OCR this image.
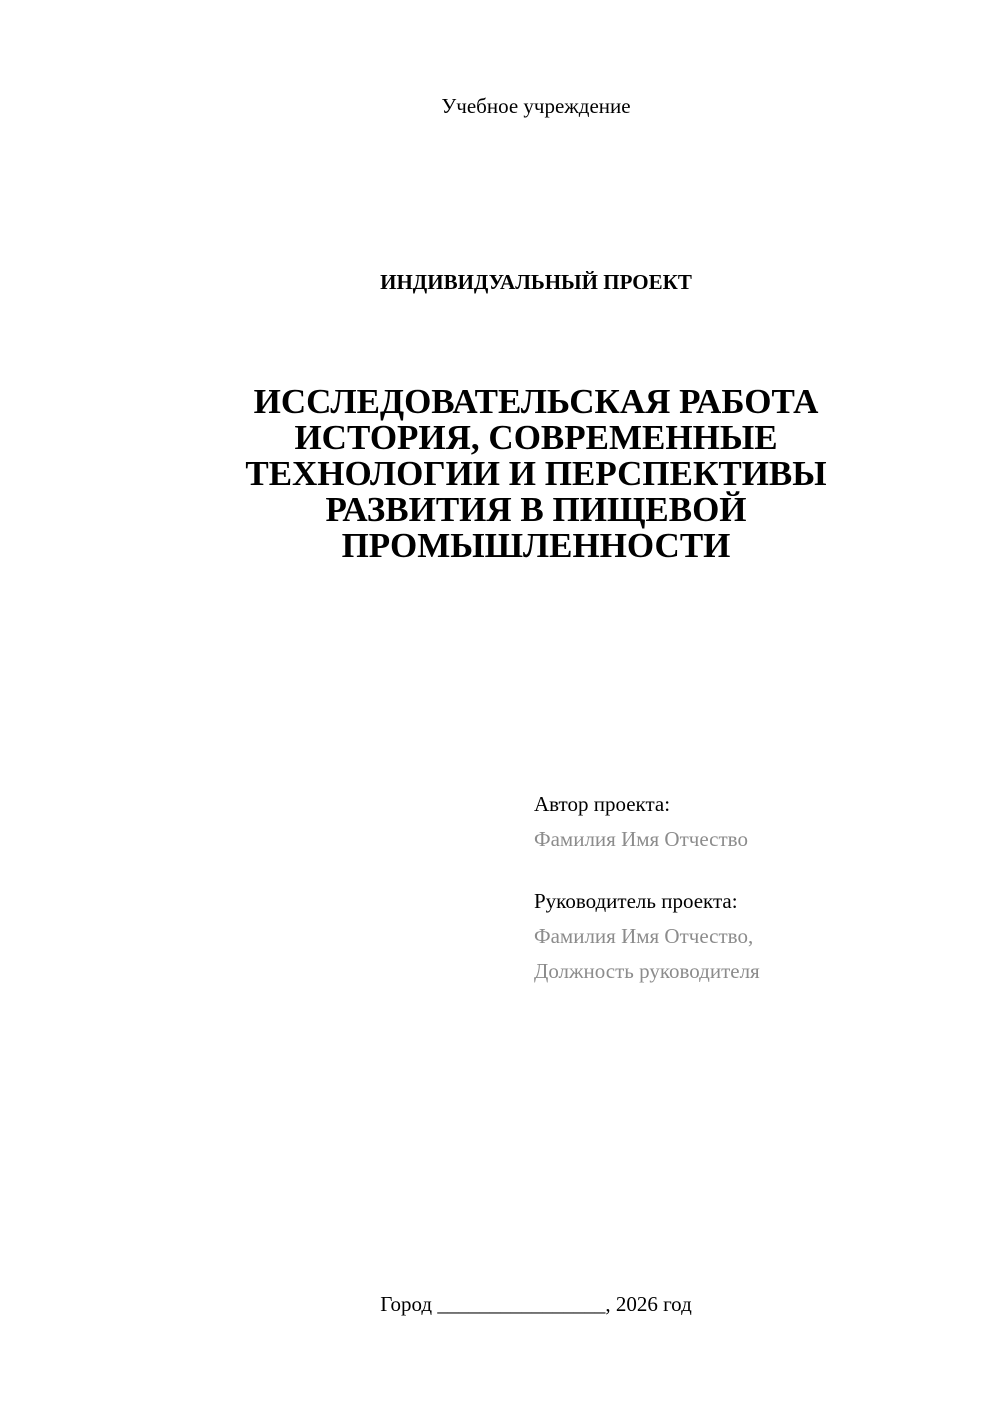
Учебное учреждение
ИНДИВИДУАЛЬНЫЙ ПРОЕКТ
ИССЛЕДОВАТЕЛЬСКАЯ РАБОТА
ИСТОРИЯ, СОВРЕМЕННЫЕ
ТЕХНОЛОГИИ И ПЕРСПЕКТИВЫ
РАЗВИТИЯ В ПИЩЕВОЙ
ПРОМЫШЛЕННОСТИ
Автор проекта:
Фамилия Имя Отчество
Руководитель проекта:
Фамилия Имя Отчество,
Должность руководителя
Город ________________, 2026 год
